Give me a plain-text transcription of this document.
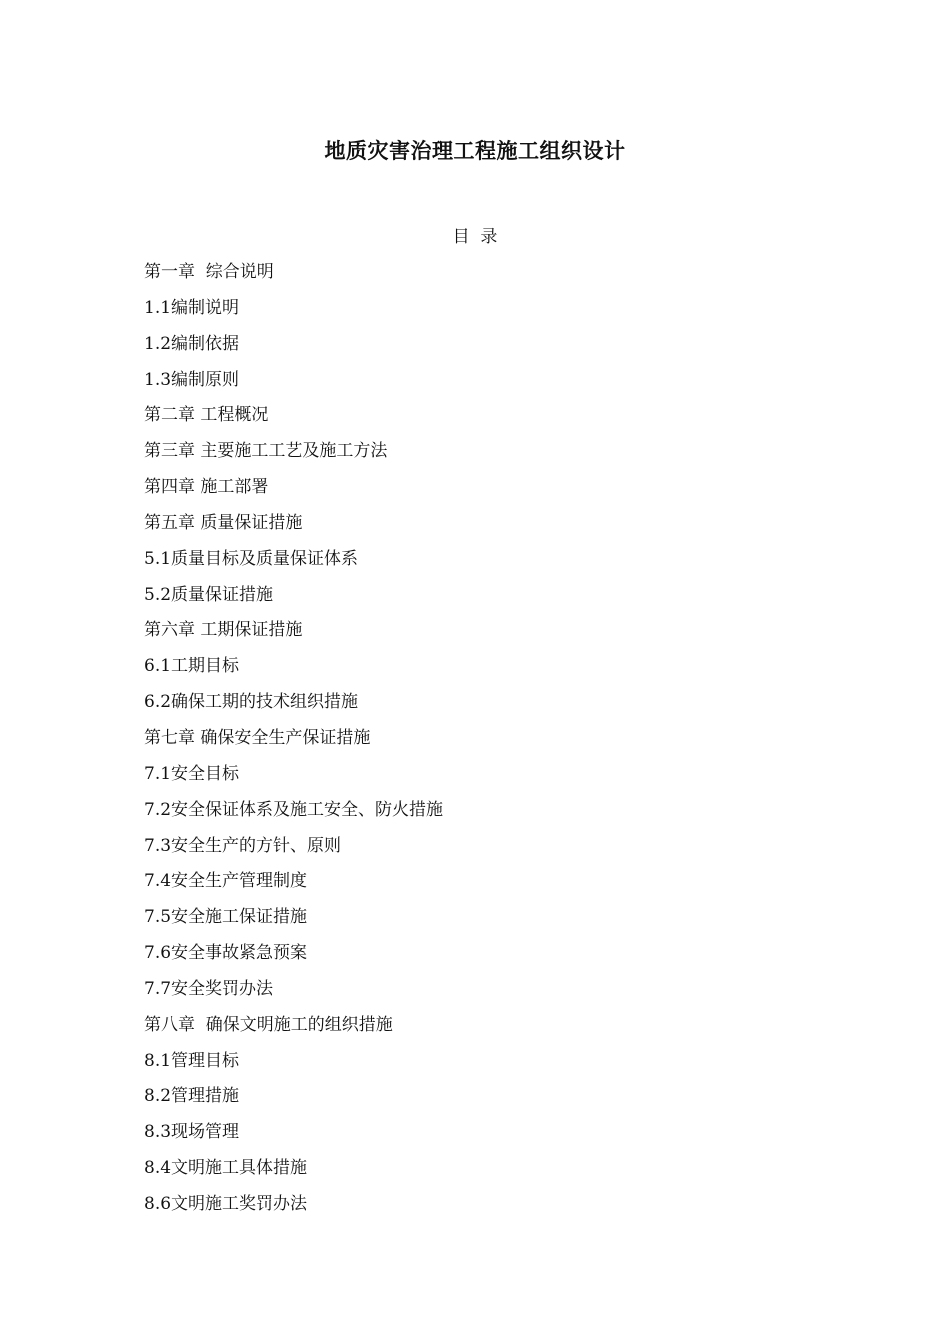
地质灾害治理工程施工组织设计
目  录
第一章  综合说明
1.1编制说明
1.2编制依据
1.3编制原则
第二章 工程概况
第三章 主要施工工艺及施工方法
第四章 施工部署
第五章 质量保证措施
5.1质量目标及质量保证体系
5.2质量保证措施
第六章 工期保证措施
6.1工期目标
6.2确保工期的技术组织措施
第七章 确保安全生产保证措施
7.1安全目标
7.2安全保证体系及施工安全、防火措施
7.3安全生产的方针、原则
7.4安全生产管理制度
7.5安全施工保证措施
7.6安全事故紧急预案
7.7安全奖罚办法
第八章  确保文明施工的组织措施
8.1管理目标
8.2管理措施
8.3现场管理
8.4文明施工具体措施
8.6文明施工奖罚办法
